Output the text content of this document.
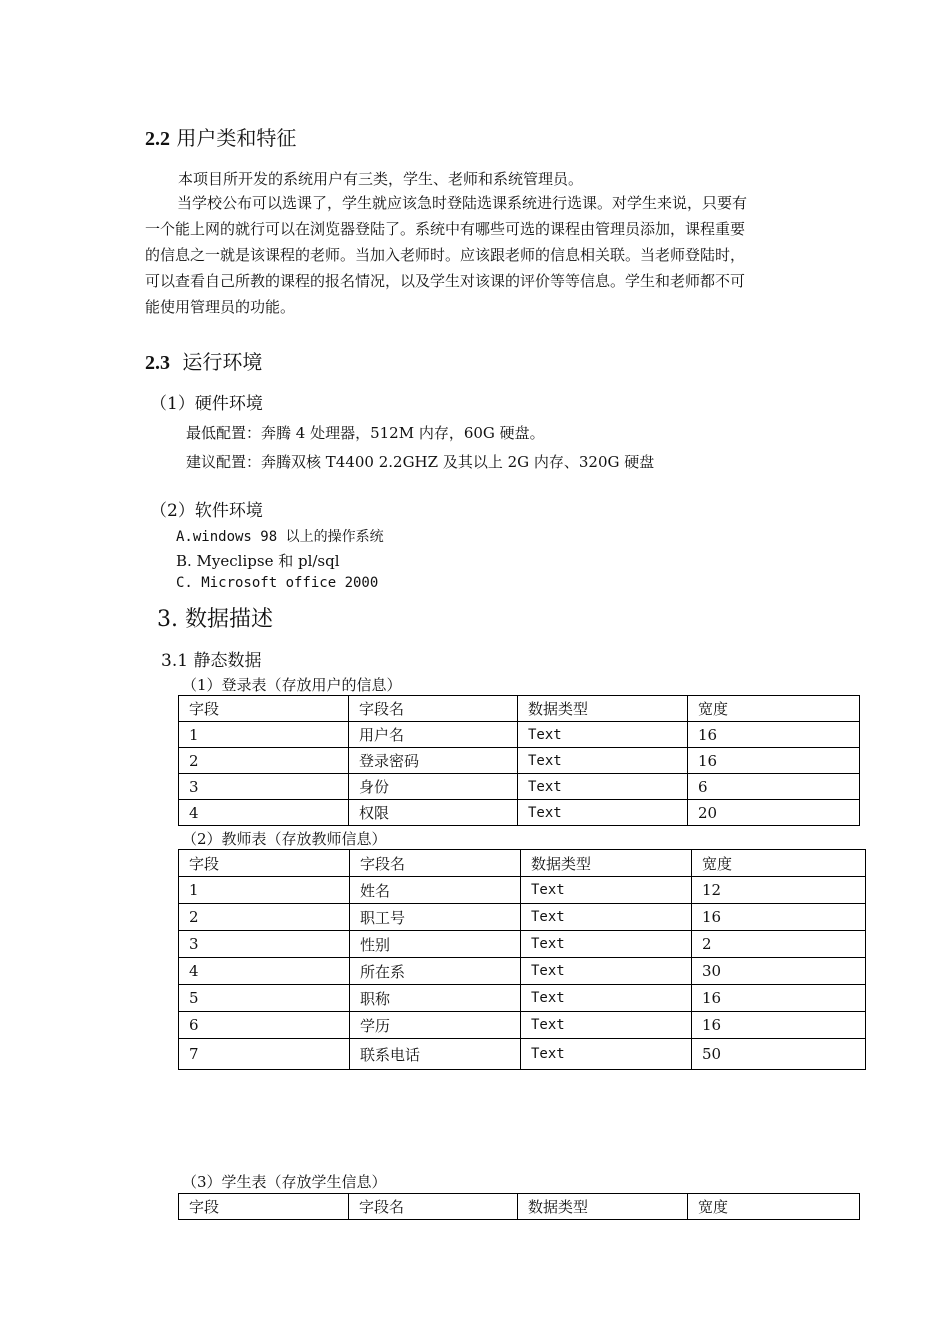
2.2 用户类和特征
本项目所开发的系统用户有三类，学生、老师和系统管理员。
当学校公布可以选课了，学生就应该急时登陆选课系统进行选课。对学生来说，只要有
一个能上网的就行可以在浏览器登陆了。系统中有哪些可选的课程由管理员添加，课程重要
的信息之一就是该课程的老师。当加入老师时。应该跟老师的信息相关联。当老师登陆时，
可以查看自己所教的课程的报名情况，以及学生对该课的评价等等信息。学生和老师都不可
能使用管理员的功能。
2.3 运行环境
（1）硬件环境
最低配置：奔腾 4 处理器，512M 内存，60G 硬盘。
建议配置：奔腾双核 T4400 2.2GHZ 及其以上 2G 内存、320G 硬盘
（2）软件环境
A.windows 98 以上的操作系统
B. Myeclipse 和 pl/sql
C. Microsoft office 2000
3. 数据描述
3.1 静态数据
（1）登录表（存放用户的信息）
字段	字段名	数据类型	宽度
1	用户名	Text	16
2	登录密码	Text	16
3	身份	Text	6
4	权限	Text	20
（2）教师表（存放教师信息）
字段	字段名	数据类型	宽度
1	姓名	Text	12
2	职工号	Text	16
3	性别	Text	2
4	所在系	Text	30
5	职称	Text	16
6	学历	Text	16
7	联系电话	Text	50
（3）学生表（存放学生信息）
字段	字段名	数据类型	宽度
